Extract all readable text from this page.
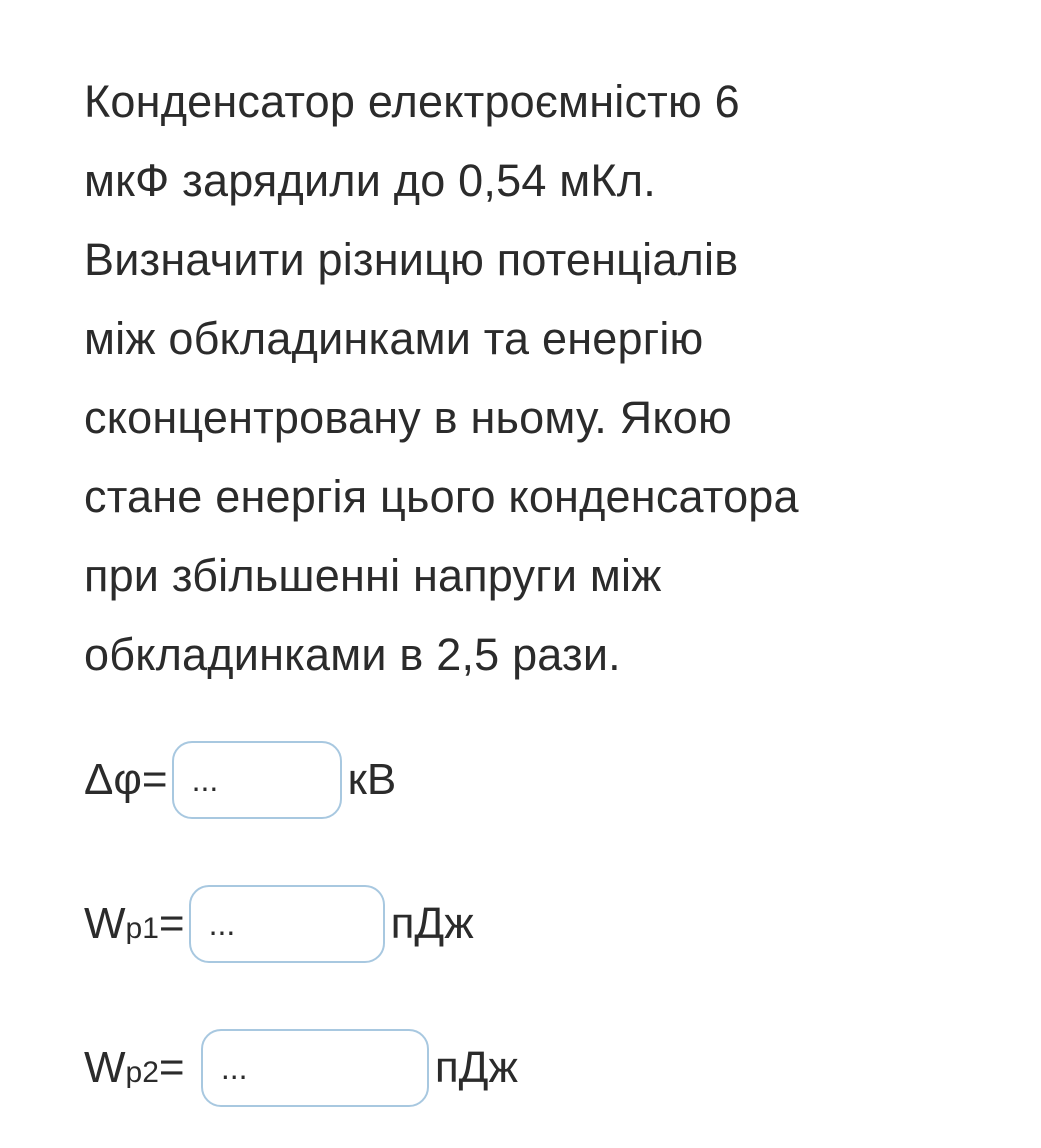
Конденсатор електроємністю 6
мкФ зарядили до 0,54 мКл.
Визначити різницю потенціалів
між обкладинками та енергію
сконцентровану в ньому. Якою
стане енергія цього конденсатора
при збільшенні напруги між
обкладинками в 2,5 рази.
Δφ = ...	кВ
W p1 = ...	пДж
W p2 = ...	пДж
